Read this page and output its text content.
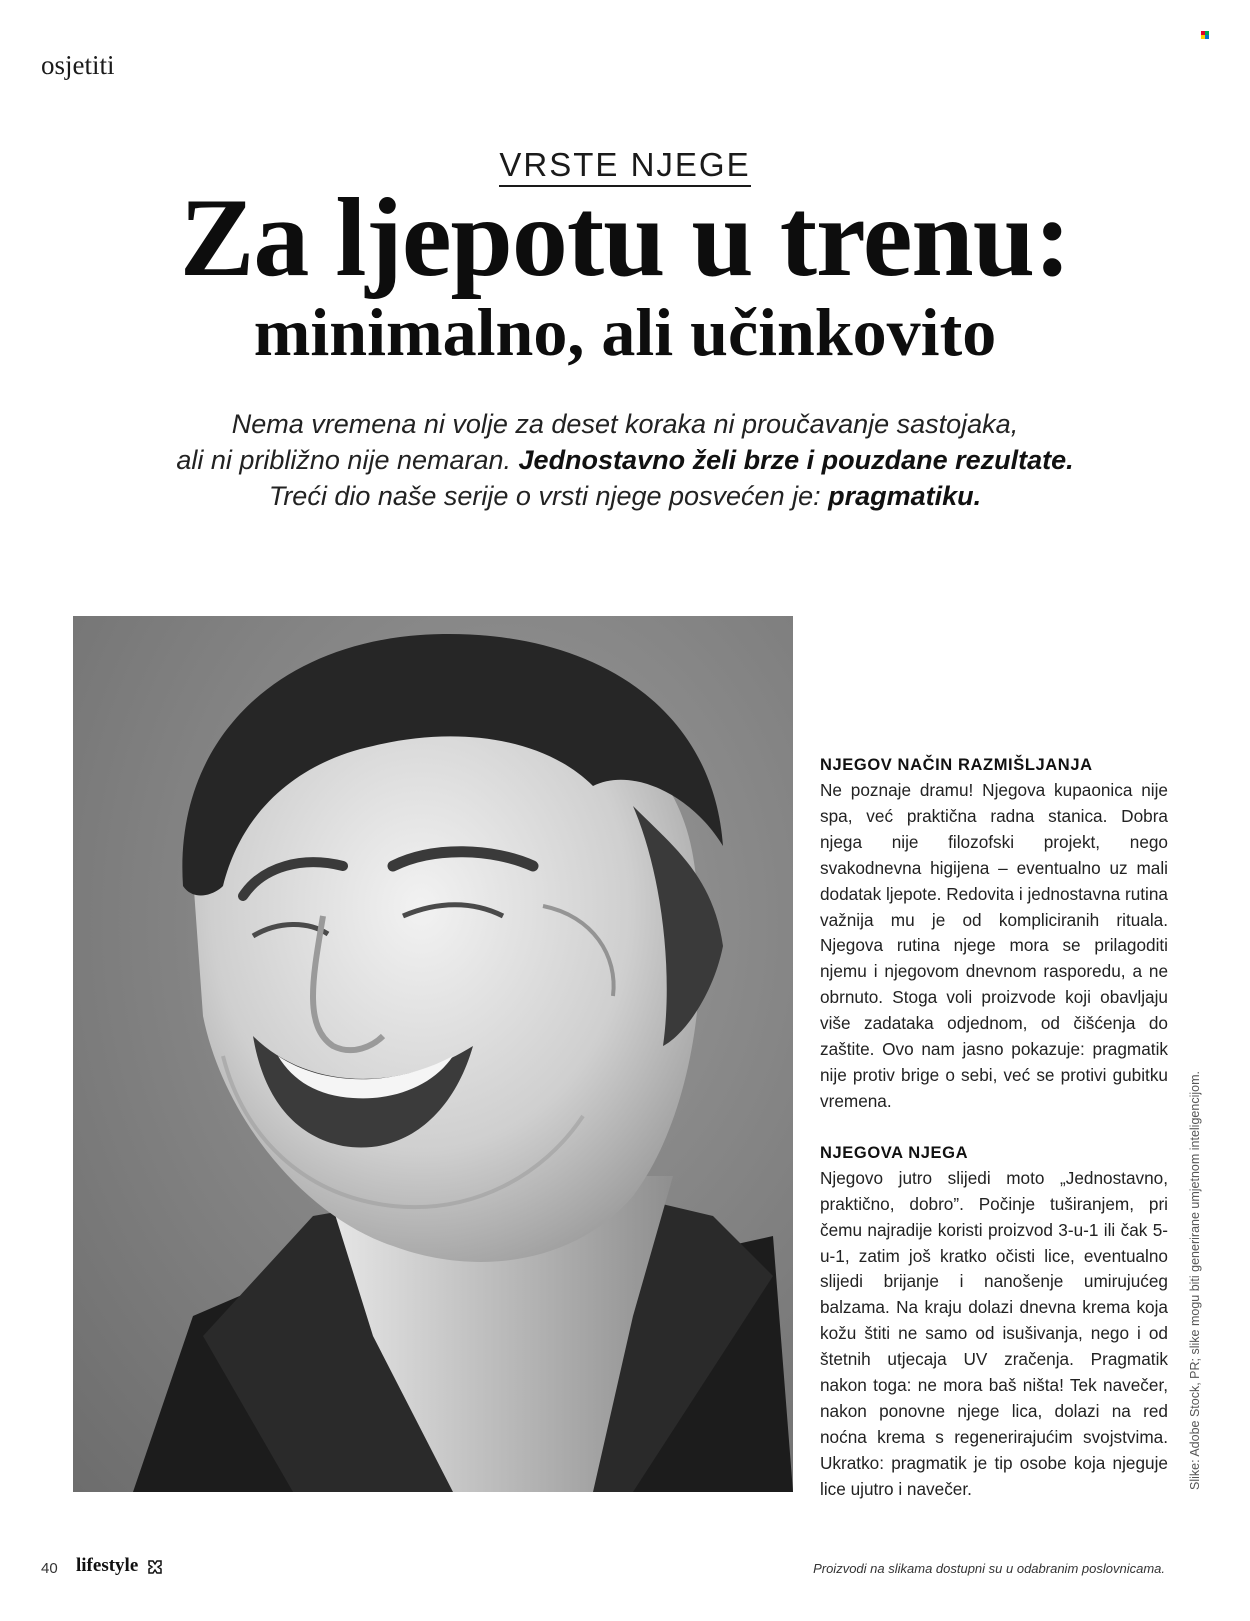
osjetiti
VRSTE NJEGE
Za ljepotu u trenu:
minimalno, ali učinkovito
Nema vremena ni volje za deset koraka ni proučavanje sastojaka,
ali ni približno nije nemaran. Jednostavno želi brze i pouzdane rezultate.
Treći dio naše serije o vrsti njege posvećen je: pragmatiku.
NJEGOV NAČIN RAZMIŠLJANJA

Ne poznaje dramu! Njegova kupaonica nije spa, već praktična radna stanica. Dobra njega nije filozofski projekt, nego svakodnevna higijena – eventualno uz mali dodatak ljepote. Redovita i jednostavna rutina važnija mu je od kompliciranih rituala. Njegova rutina njege mora se prilagoditi njemu i njegovom dnevnom rasporedu, a ne obrnuto. Stoga voli proizvode koji obavljaju više zadataka odjednom, od čišćenja do zaštite. Ovo nam jasno pokazuje: pragmatik nije protiv brige o sebi, već se protivi gubitku vremena.

NJEGOVA NJEGA

Njegovo jutro slijedi moto „Jednostavno, praktično, dobro”. Počinje tuširanjem, pri čemu najradije koristi proizvod 3-u-1 ili čak 5-u-1, zatim još kratko očisti lice, eventualno slijedi brijanje i nanošenje umirujućeg balzama. Na kraju dolazi dnevna krema koja kožu štiti ne samo od isušivanja, nego i od štetnih utjecaja UV zračenja. Pragmatik nakon toga: ne mora baš ništa! Tek navečer, nakon ponovne njege lica, dolazi na red noćna krema s regenerirajućim svojstvima. Ukratko: pragmatik je tip osobe koja njeguje lice ujutro i navečer.	Slike: Adobe Stock, PR; slike mogu biti generirane umjetnom inteligencijom.
40 lifestyle	Proizvodi na slikama dostupni su u odabranim poslovnicama.
